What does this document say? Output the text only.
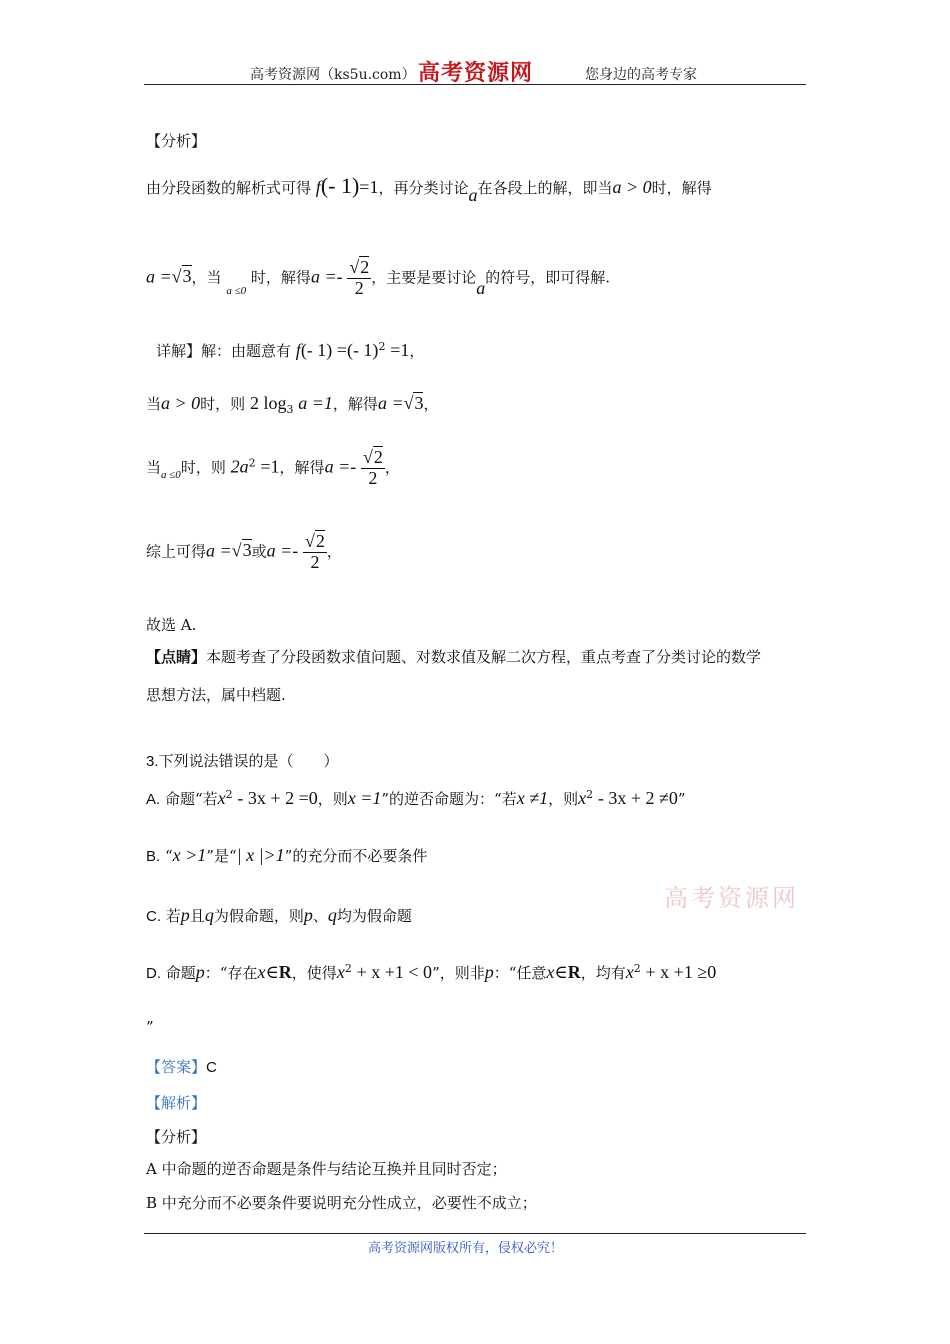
高考资源网（ks5u.com） 高考资源网	您身边的高考专家
【分析】
由分段函数的解析式可得 f(- 1)=1，再分类讨论a在各段上的解，即当a > 0时，解得
a =√3，当 $_{a \le 0}$ 时，解得$a =- \frac{√2}{2}$ ，主要是要讨论a的符号，即可得解.
详解】解：由题意有 f(- 1) =(- 1)$^2$ =1，
当a > 0时，则 2 $\log_3 a =1$，解得a =√3，
当$_{a \le 0}$时，则 $2a^2 =1$，解得$a =- \frac{√2}{2}$ ，
综上可得a =√3或$a =- \frac{√2}{2}$ ，
故选 A.
【点睛】本题考查了分段函数求值问题、对数求值及解二次方程，重点考查了分类讨论的数学
思想方法，属中档题.
3.下列说法错误的是（　　）
A. 命题“若$x^2 - 3x + 2 =0$，则x =1”的逆否命题为：“若x ≠1，则$x^2 - 3x + 2 \ne 0$”
B. “x >1”是“| x |>1”的充分而不必要条件
C. 若p且q为假命题，则p、q均为假命题
D. 命题p：“存在x∈R，使得$x^2 + x +1 < 0$”，则非p：“任意x∈R，均有$x^2 + x +1 \ge 0$
”
高考资源网
【答案】C
【解析】
【分析】
A 中命题的逆否命题是条件与结论互换并且同时否定；
B 中充分而不必要条件要说明充分性成立，必要性不成立；
高考资源网版权所有，侵权必究！
